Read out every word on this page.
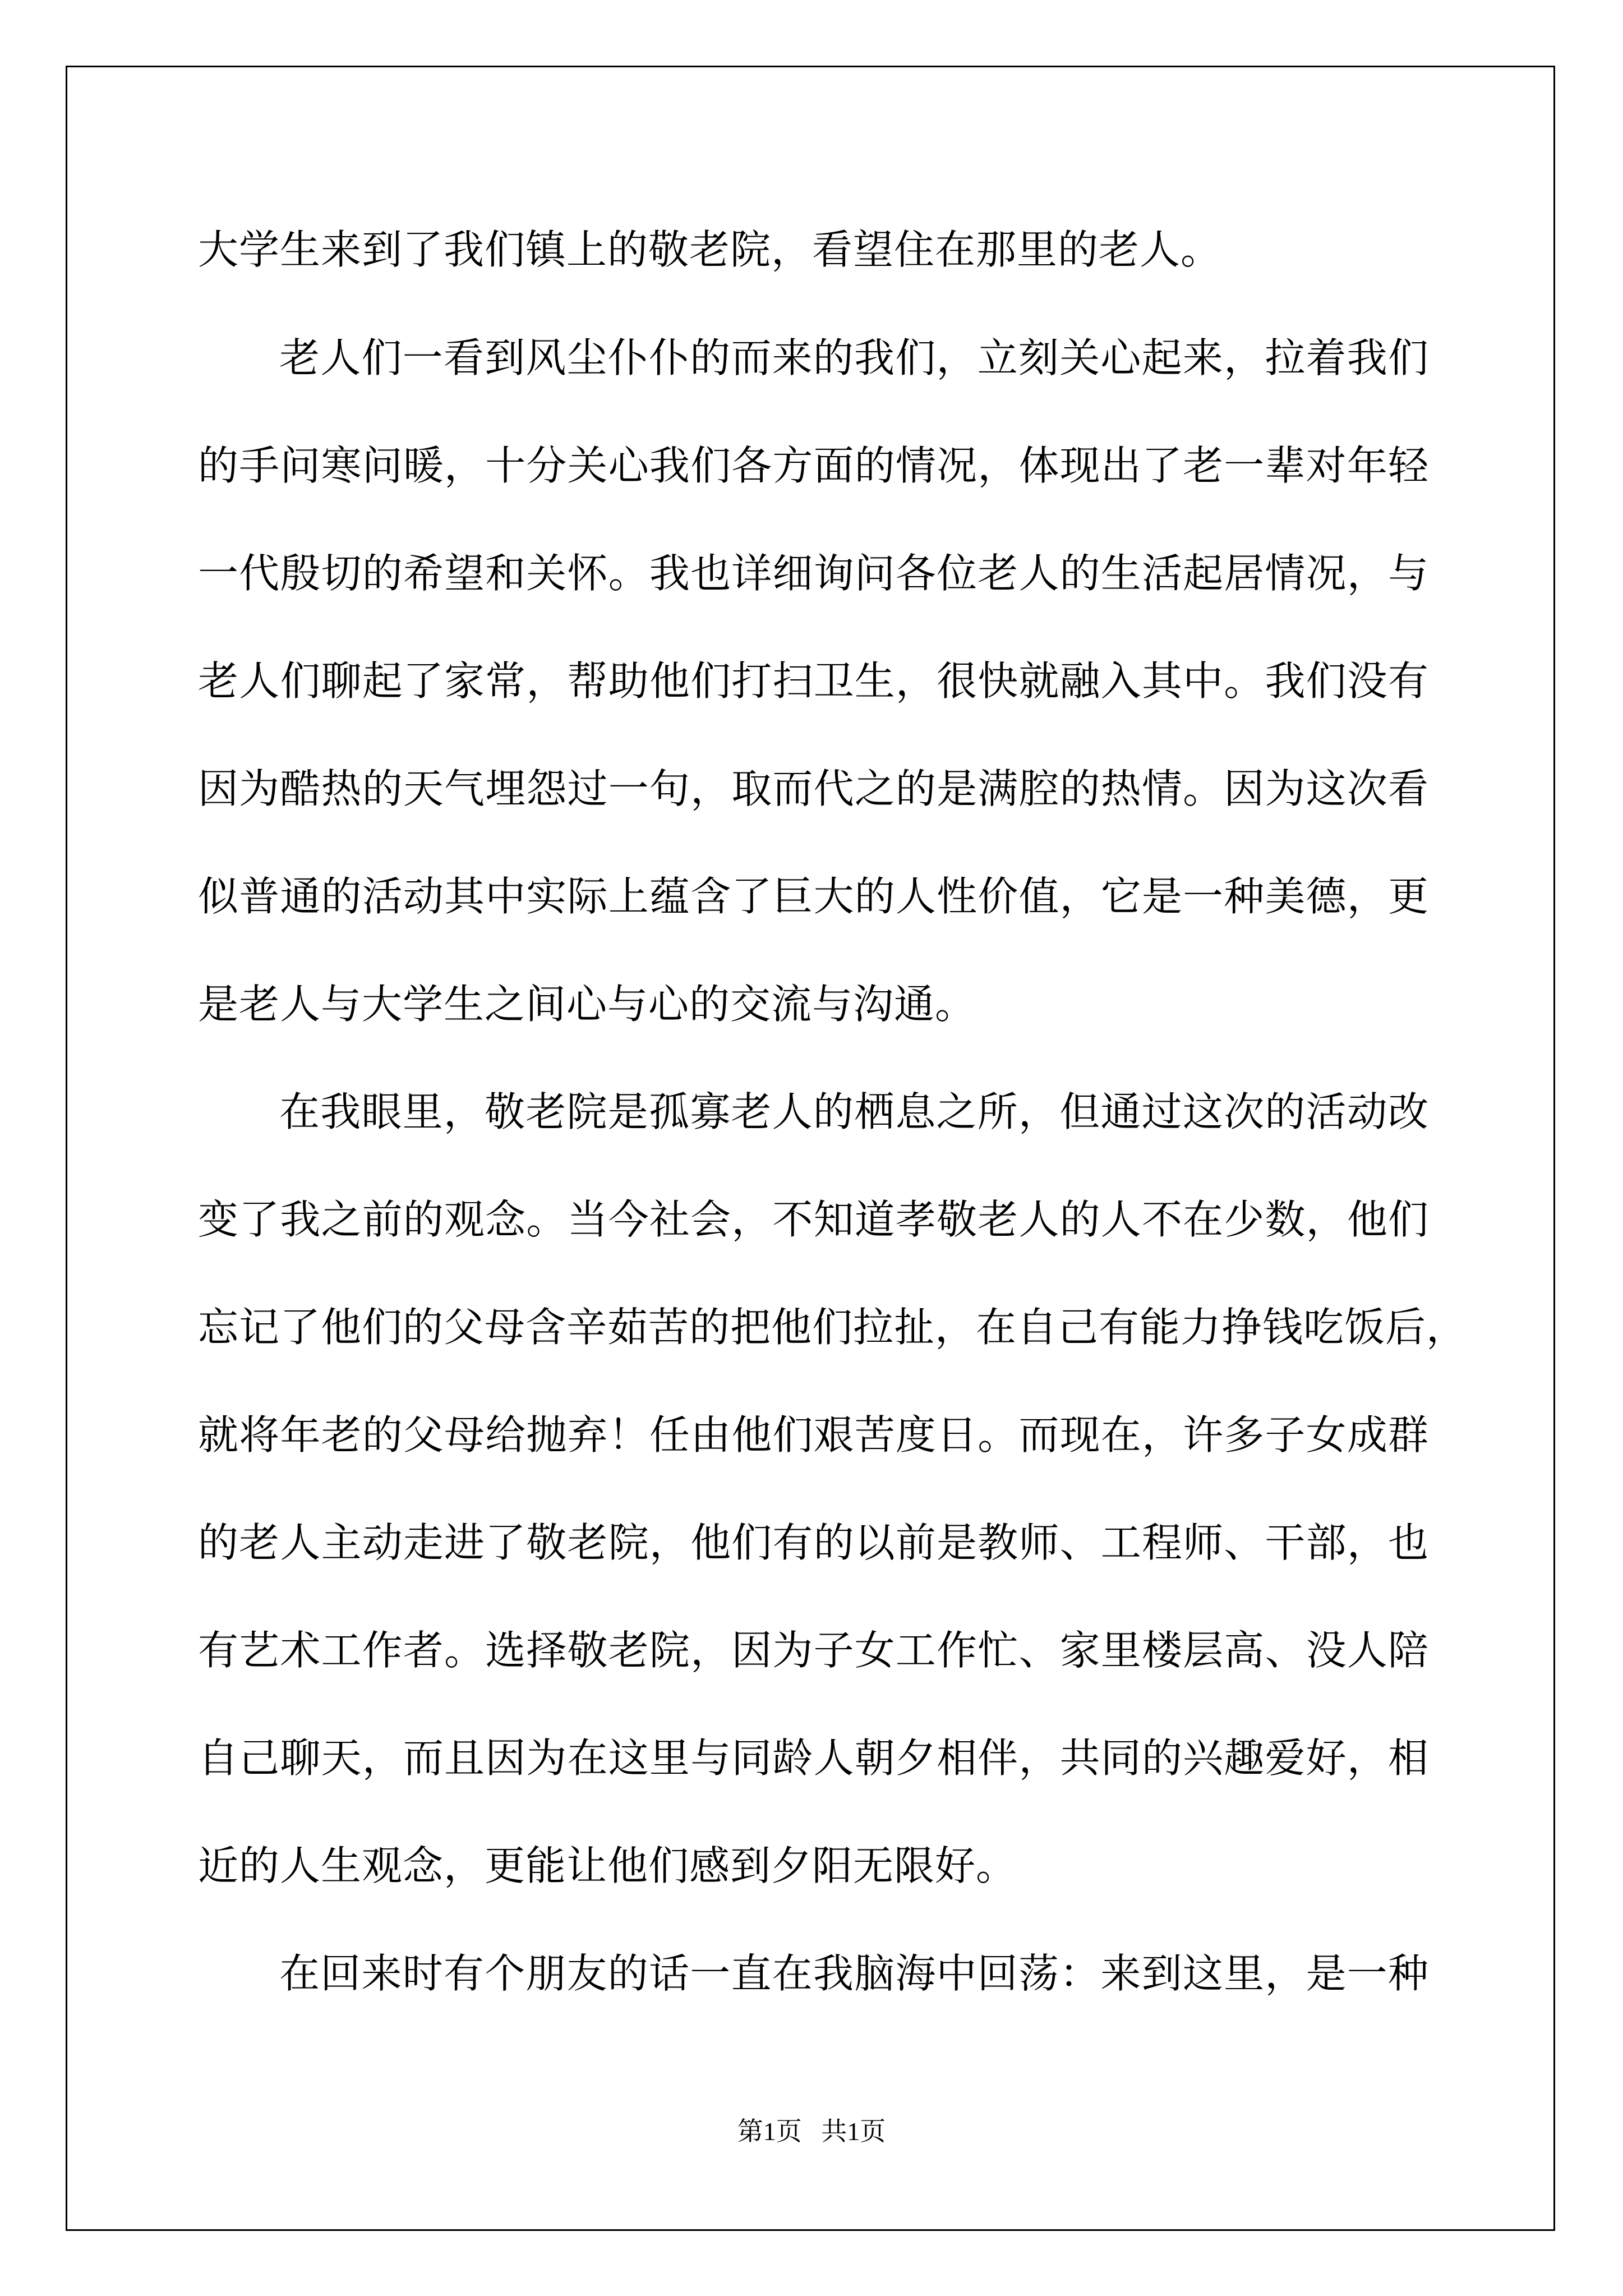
大学生来到了我们镇上的敬老院，看望住在那里的老人。
老人们一看到风尘仆仆的而来的我们，立刻关心起来，拉着我们
的手问寒问暖，十分关心我们各方面的情况，体现出了老一辈对年轻
一代殷切的希望和关怀。我也详细询问各位老人的生活起居情况，与
老人们聊起了家常，帮助他们打扫卫生，很快就融入其中。我们没有
因为酷热的天气埋怨过一句，取而代之的是满腔的热情。因为这次看
似普通的活动其中实际上蕴含了巨大的人性价值，它是一种美德，更
是老人与大学生之间心与心的交流与沟通。
在我眼里，敬老院是孤寡老人的栖息之所，但通过这次的活动改
变了我之前的观念。当今社会，不知道孝敬老人的人不在少数，他们
忘记了他们的父母含辛茹苦的把他们拉扯，在自己有能力挣钱吃饭后，
就将年老的父母给抛弃！任由他们艰苦度日。而现在，许多子女成群
的老人主动走进了敬老院，他们有的以前是教师、工程师、干部，也
有艺术工作者。选择敬老院，因为子女工作忙、家里楼层高、没人陪
自己聊天，而且因为在这里与同龄人朝夕相伴，共同的兴趣爱好，相
近的人生观念，更能让他们感到夕阳无限好。
在回来时有个朋友的话一直在我脑海中回荡：来到这里，是一种
第1页   共1页
